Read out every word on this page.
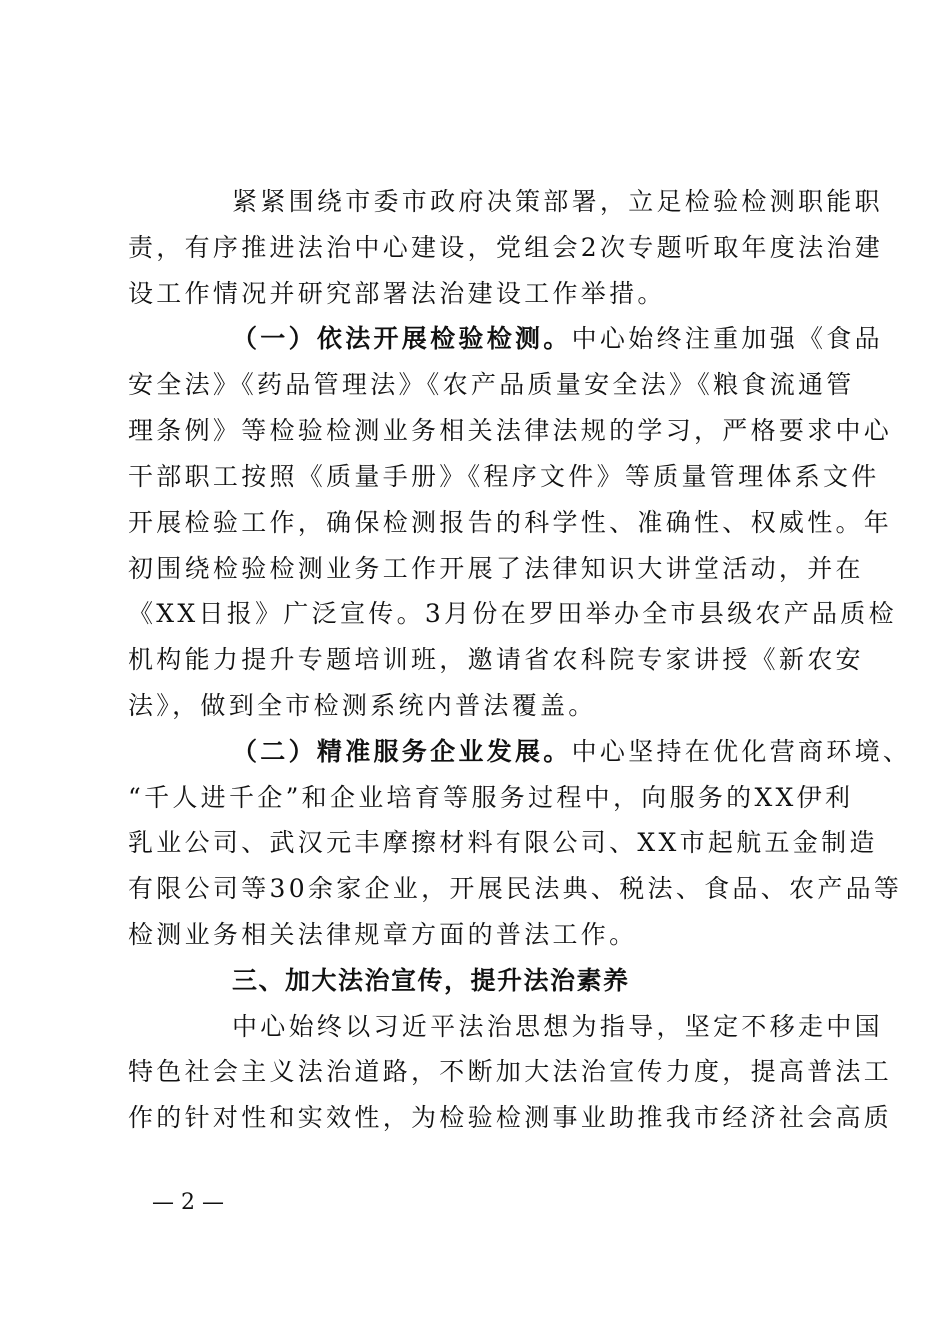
紧紧围绕市委市政府决策部署，立足检验检测职能职
责，有序推进法治中心建设，党组会2次专题听取年度法治建
设工作情况并研究部署法治建设工作举措。
（一）依法开展检验检测。中心始终注重加强《食品
安全法》《药品管理法》《农产品质量安全法》《粮食流通管
理条例》等检验检测业务相关法律法规的学习，严格要求中心
干部职工按照《质量手册》《程序文件》等质量管理体系文件
开展检验工作，确保检测报告的科学性、准确性、权威性。年
初围绕检验检测业务工作开展了法律知识大讲堂活动，并在
《XX日报》广泛宣传。3月份在罗田举办全市县级农产品质检
机构能力提升专题培训班，邀请省农科院专家讲授《新农安
法》，做到全市检测系统内普法覆盖。
（二）精准服务企业发展。中心坚持在优化营商环境、
“千人进千企”和企业培育等服务过程中，向服务的XX伊利
乳业公司、武汉元丰摩擦材料有限公司、XX市起航五金制造
有限公司等30余家企业，开展民法典、税法、食品、农产品等
检测业务相关法律规章方面的普法工作。
三、加大法治宣传，提升法治素养
中心始终以习近平法治思想为指导，坚定不移走中国
特色社会主义法治道路，不断加大法治宣传力度，提高普法工
作的针对性和实效性，为检验检测事业助推我市经济社会高质
— 2 —
